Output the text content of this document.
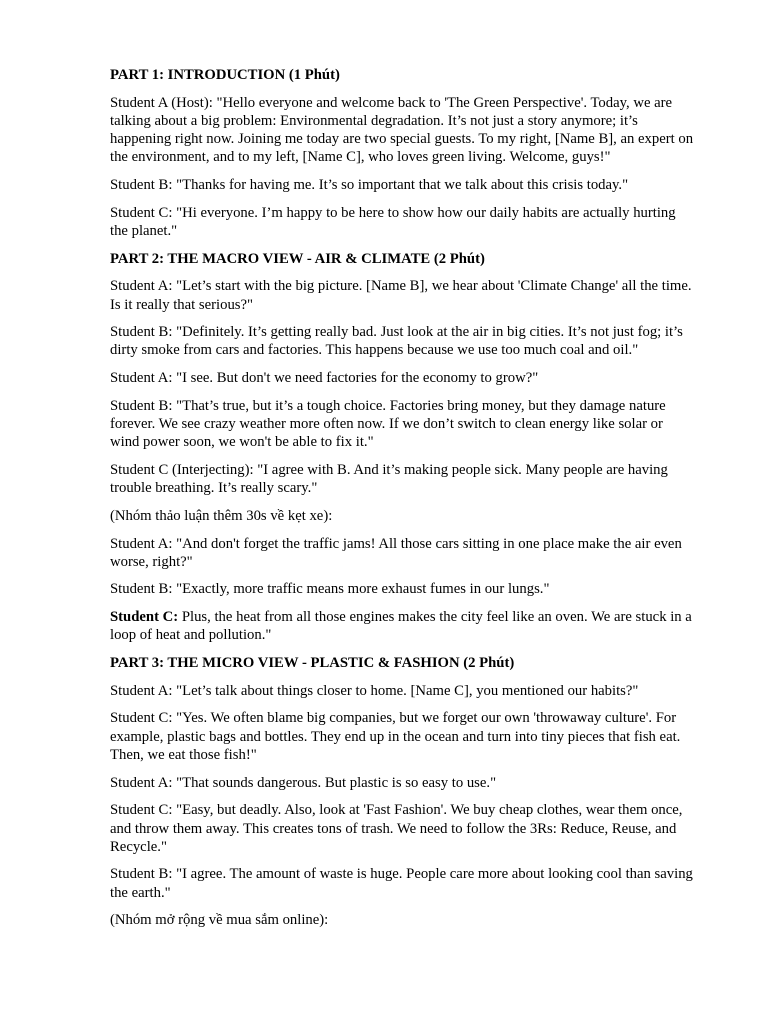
PART 1: INTRODUCTION (1 Phút)

Student A (Host): "Hello everyone and welcome back to 'The Green Perspective'. Today, we are talking about a big problem: Environmental degradation. It’s not just a story anymore; it’s happening right now. Joining me today are two special guests. To my right, [Name B], an expert on the environment, and to my left, [Name C], who loves green living. Welcome, guys!"

Student B: "Thanks for having me. It’s so important that we talk about this crisis today."

Student C: "Hi everyone. I’m happy to be here to show how our daily habits are actually hurting the planet."

PART 2: THE MACRO VIEW - AIR & CLIMATE (2 Phút)

Student A: "Let’s start with the big picture. [Name B], we hear about 'Climate Change' all the time. Is it really that serious?"

Student B: "Definitely. It’s getting really bad. Just look at the air in big cities. It’s not just fog; it’s dirty smoke from cars and factories. This happens because we use too much coal and oil."

Student A: "I see. But don't we need factories for the economy to grow?"

Student B: "That’s true, but it’s a tough choice. Factories bring money, but they damage nature forever. We see crazy weather more often now. If we don’t switch to clean energy like solar or wind power soon, we won't be able to fix it."

Student C (Interjecting): "I agree with B. And it’s making people sick. Many people are having trouble breathing. It’s really scary."

(Nhóm thảo luận thêm 30s về kẹt xe):

Student A: "And don't forget the traffic jams! All those cars sitting in one place make the air even worse, right?"

Student B: "Exactly, more traffic means more exhaust fumes in our lungs."

Student C: Plus, the heat from all those engines makes the city feel like an oven. We are stuck in a loop of heat and pollution."

PART 3: THE MICRO VIEW - PLASTIC & FASHION (2 Phút)

Student A: "Let’s talk about things closer to home. [Name C], you mentioned our habits?"

Student C: "Yes. We often blame big companies, but we forget our own 'throwaway culture'. For example, plastic bags and bottles. They end up in the ocean and turn into tiny pieces that fish eat. Then, we eat those fish!"

Student A: "That sounds dangerous. But plastic is so easy to use."

Student C: "Easy, but deadly. Also, look at 'Fast Fashion'. We buy cheap clothes, wear them once, and throw them away. This creates tons of trash. We need to follow the 3Rs: Reduce, Reuse, and Recycle."

Student B: "I agree. The amount of waste is huge. People care more about looking cool than saving the earth."

(Nhóm mở rộng về mua sắm online):
